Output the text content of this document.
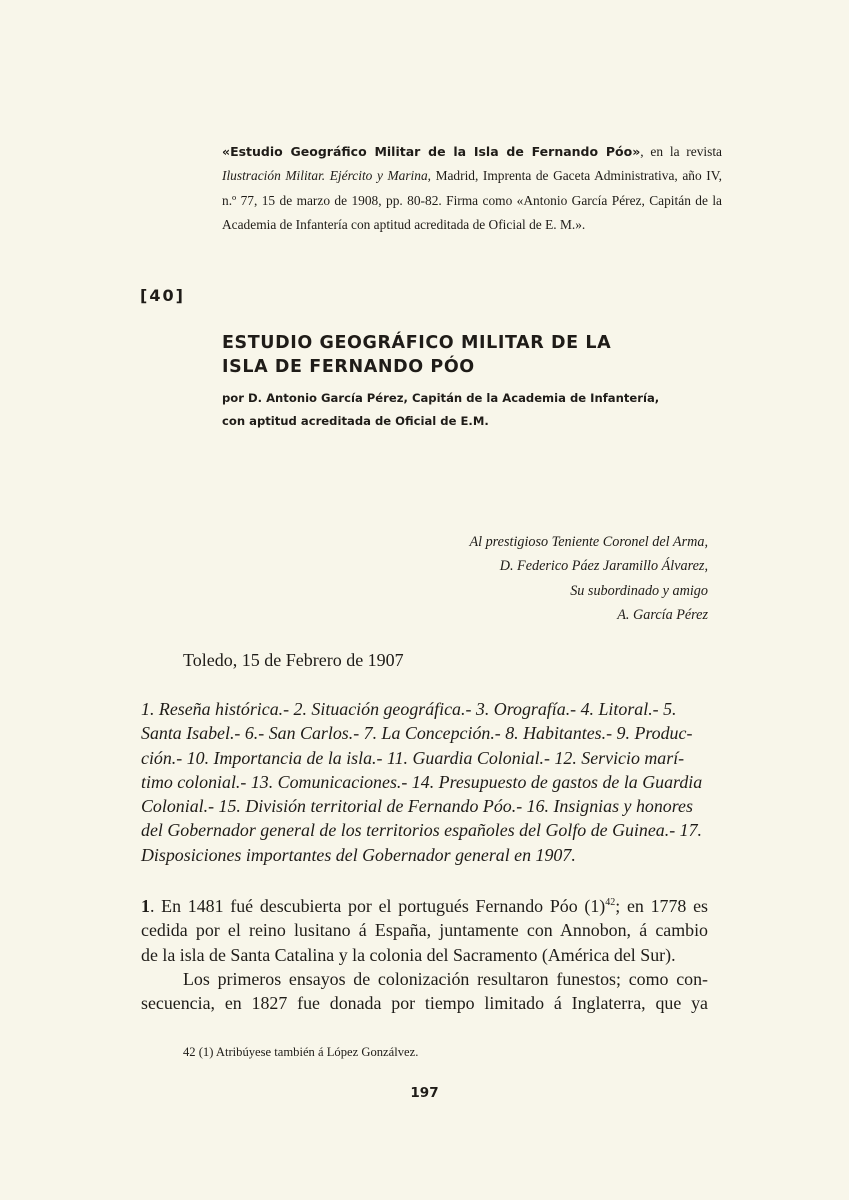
«Estudio Geográfico Militar de la Isla de Fernando Póo», en la revista Ilustración Militar. Ejército y Marina, Madrid, Imprenta de Gaceta Administrativa, año IV, n.º 77, 15 de marzo de 1908, pp. 80-82. Firma como «Antonio García Pérez, Capitán de la Academia de Infantería con aptitud acreditada de Oficial de E. M.».
[40]
ESTUDIO GEOGRÁFICO MILITAR DE LA
ISLA DE FERNANDO PÓO
por D. Antonio García Pérez, Capitán de la Academia de Infantería,
con aptitud acreditada de Oficial de E.M.
Al prestigioso Teniente Coronel del Arma,
D. Federico Páez Jaramillo Álvarez,
Su subordinado y amigo
A. García Pérez
Toledo, 15 de Febrero de 1907
1. Reseña histórica.- 2. Situación geográfica.- 3. Orografía.- 4. Litoral.- 5.
Santa Isabel.- 6.- San Carlos.- 7. La Concepción.- 8. Habitantes.- 9. Produc-
ción.- 10. Importancia de la isla.- 11. Guardia Colonial.- 12. Servicio marí-
timo colonial.- 13. Comunicaciones.- 14. Presupuesto de gastos de la Guardia
Colonial.- 15. División territorial de Fernando Póo.- 16. Insignias y honores
del Gobernador general de los territorios españoles del Golfo de Guinea.- 17.
Disposiciones importantes del Gobernador general en 1907.
1. En 1481 fué descubierta por el portugués Fernando Póo $(1)^{42}$; en 1778 es
cedida por el reino lusitano á España, juntamente con Annobon, á cambio
de la isla de Santa Catalina y la colonia del Sacramento (América del Sur).
Los primeros ensayos de colonización resultaron funestos; como con-
secuencia, en 1827 fue donada por tiempo limitado á Inglaterra, que ya
42 (1) Atribúyese también á López Gonzálvez.
197
